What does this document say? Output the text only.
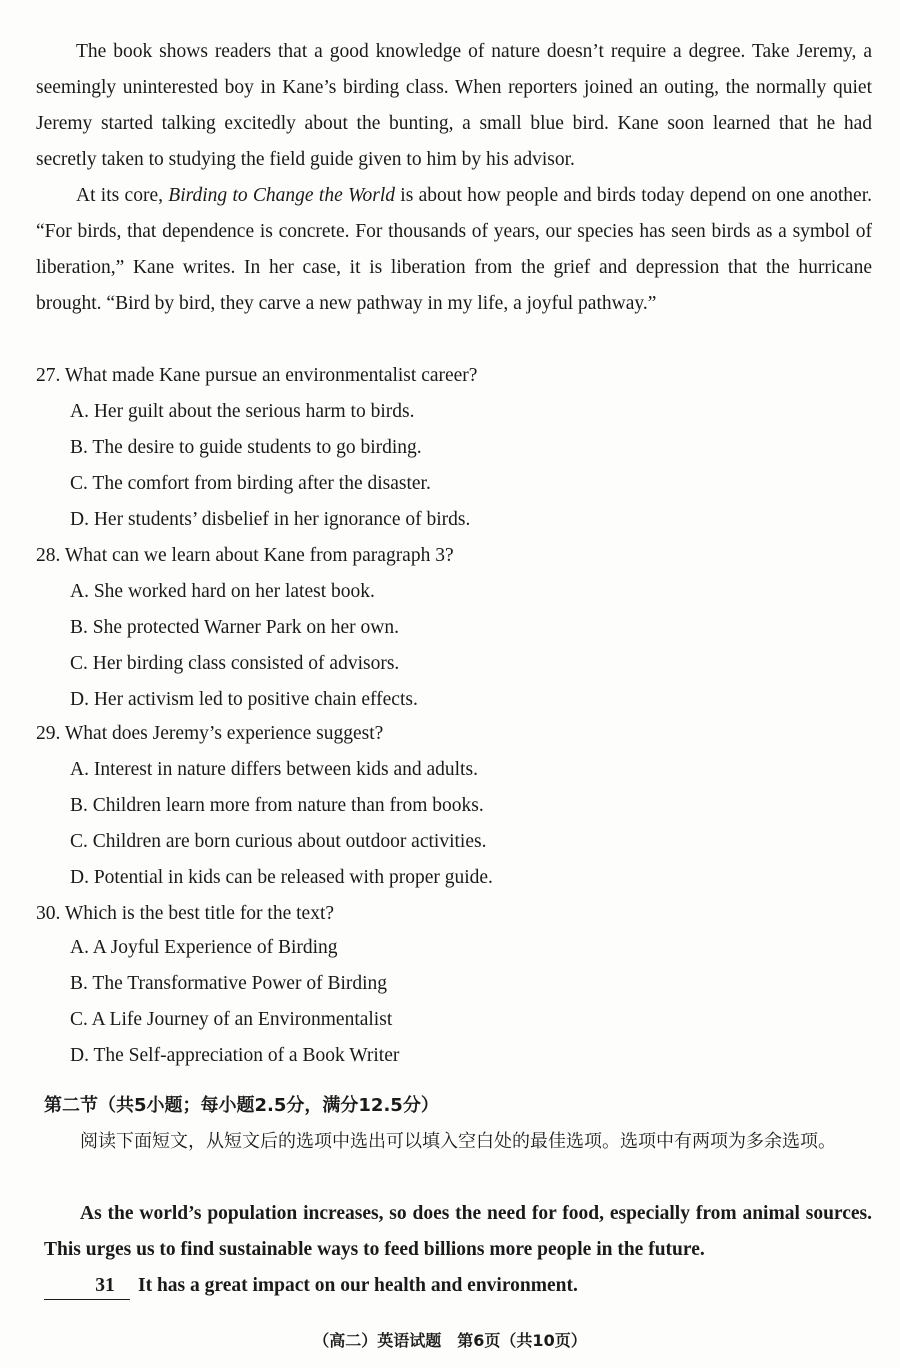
The book shows readers that a good knowledge of nature doesn’t require a degree. Take Jeremy, a seemingly uninterested boy in Kane’s birding class. When reporters joined an outing, the normally quiet Jeremy started talking excitedly about the bunting, a small blue bird. Kane soon learned that he had secretly taken to studying the field guide given to him by his advisor.

At its core, Birding to Change the World is about how people and birds today depend on one another. “For birds, that dependence is concrete. For thousands of years, our species has seen birds as a symbol of liberation,” Kane writes. In her case, it is liberation from the grief and depression that the hurricane brought. “Bird by bird, they carve a new pathway in my life, a joyful pathway.”

27. What made Kane pursue an environmentalist career?

A. Her guilt about the serious harm to birds.

B. The desire to guide students to go birding.

C. The comfort from birding after the disaster.

D. Her students’ disbelief in her ignorance of birds.

28. What can we learn about Kane from paragraph 3?

A. She worked hard on her latest book.

B. She protected Warner Park on her own.

C. Her birding class consisted of advisors.

D. Her activism led to positive chain effects.

29. What does Jeremy’s experience suggest?

A. Interest in nature differs between kids and adults.

B. Children learn more from nature than from books.

C. Children are born curious about outdoor activities.

D. Potential in kids can be released with proper guide.

30. Which is the best title for the text?

A. A Joyful Experience of Birding

B. The Transformative Power of Birding

C. A Life Journey of an Environmentalist

D. The Self-appreciation of a Book Writer

第二节（共5小题；每小题2.5分，满分12.5分）

阅读下面短文，从短文后的选项中选出可以填入空白处的最佳选项。选项中有两项为多余选项。

As the world’s population increases, so does the need for food, especially from animal sources. This urges us to find sustainable ways to feed billions more people in the future.
31 It has a great impact on our health and environment.

（高二）英语试题　第6页（共10页）
